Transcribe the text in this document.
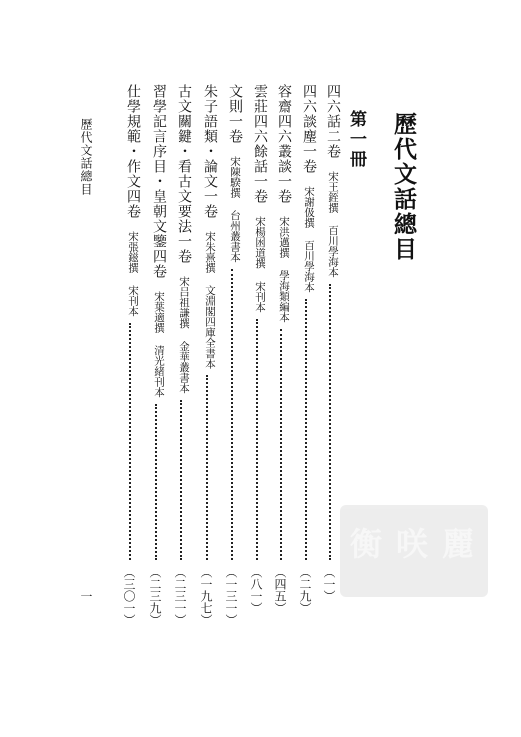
衡 咲 麗
歷代文話總目
第一冊
四六話二卷宋王銍撰百川學海本
（一）
四六談麈一卷宋謝伋撰百川學海本
（二九）
容齋四六叢談一卷宋洪邁撰學海類編本
（四五）
雲莊四六餘話一卷宋楊囦道撰宋刊本
（八一）
文則一卷宋陳騤撰台州叢書本
（一三一）
朱子語類・論文一卷宋朱熹撰文淵閣四庫全書本
（一九七）
古文關鍵・看古文要法一卷宋吕祖謙撰金華叢書本
（二三一）
習學記言序目・皇朝文鑒四卷宋葉適撰清光緒刊本
（二三九）
仕學規範・作文四卷宋張鎡撰宋刊本
（三〇一）
歷代文話總目
一
